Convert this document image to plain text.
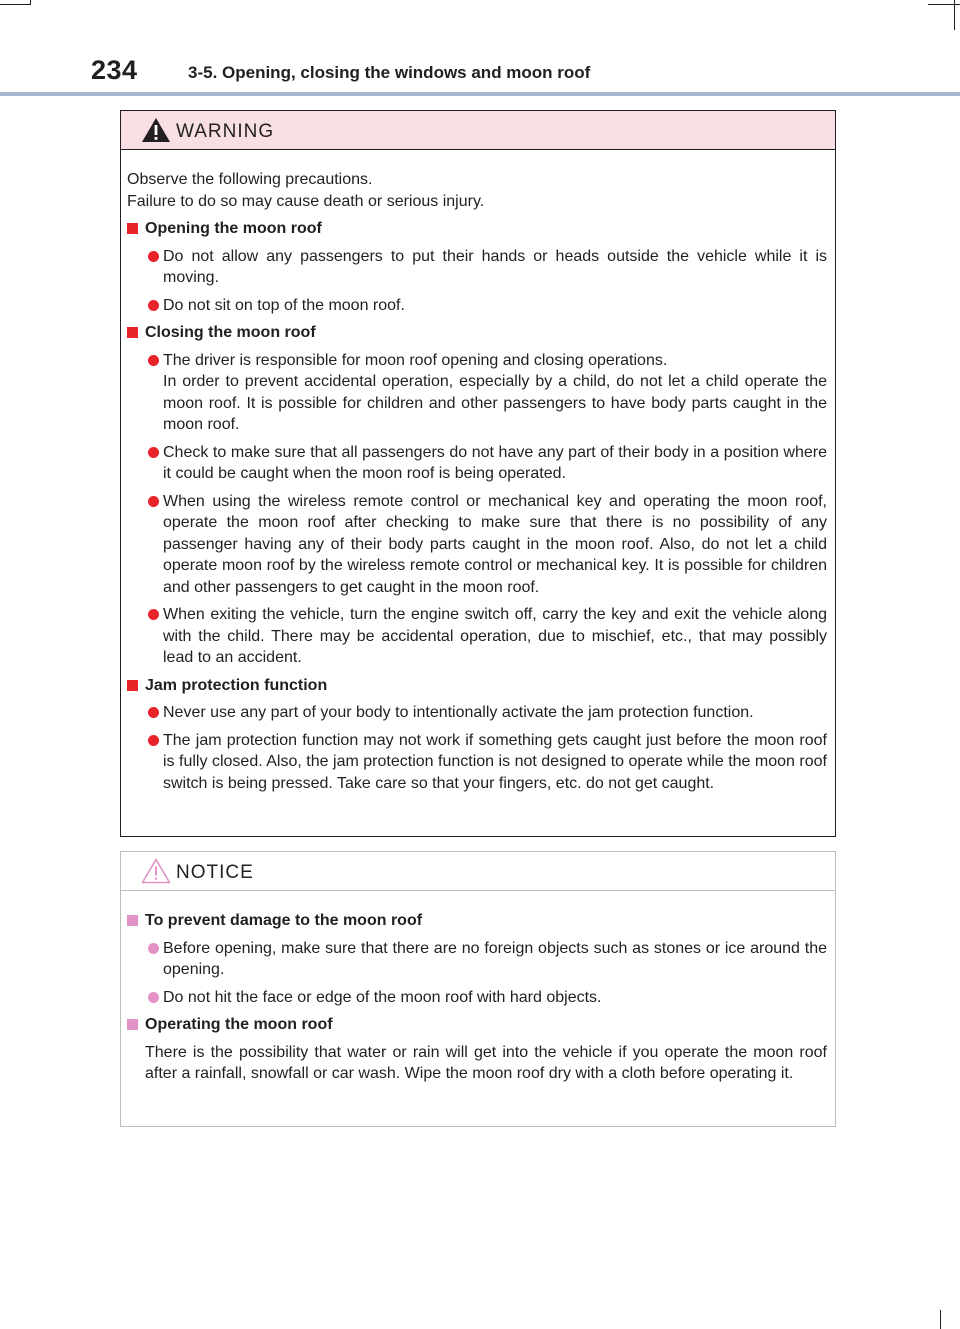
234	3-5. Opening, closing the windows and moon roof
WARNING

Observe the following precautions.
Failure to do so may cause death or serious injury.

Opening the moon roof

Do not allow any passengers to put their hands or heads outside the vehicle while it is moving.

Do not sit on top of the moon roof.

Closing the moon roof

The driver is responsible for moon roof opening and closing operations.
In order to prevent accidental operation, especially by a child, do not let a child operate the moon roof. It is possible for children and other passengers to have body parts caught in the moon roof.

Check to make sure that all passengers do not have any part of their body in a position where it could be caught when the moon roof is being operated.

When using the wireless remote control or mechanical key and operating the moon roof, operate the moon roof after checking to make sure that there is no possibility of any passenger having any of their body parts caught in the moon roof. Also, do not let a child operate moon roof by the wireless remote control or mechanical key. It is possible for children and other passengers to get caught in the moon roof.

When exiting the vehicle, turn the engine switch off, carry the key and exit the vehicle along with the child. There may be accidental operation, due to mischief, etc., that may possibly lead to an accident.

Jam protection function

Never use any part of your body to intentionally activate the jam protection function.

The jam protection function may not work if something gets caught just before the moon roof is fully closed. Also, the jam protection function is not designed to operate while the moon roof switch is being pressed. Take care so that your fingers, etc. do not get caught.

NOTICE

To prevent damage to the moon roof

Before opening, make sure that there are no foreign objects such as stones or ice around the opening.

Do not hit the face or edge of the moon roof with hard objects.

Operating the moon roof

There is the possibility that water or rain will get into the vehicle if you operate the moon roof after a rainfall, snowfall or car wash. Wipe the moon roof dry with a cloth before operating it.
